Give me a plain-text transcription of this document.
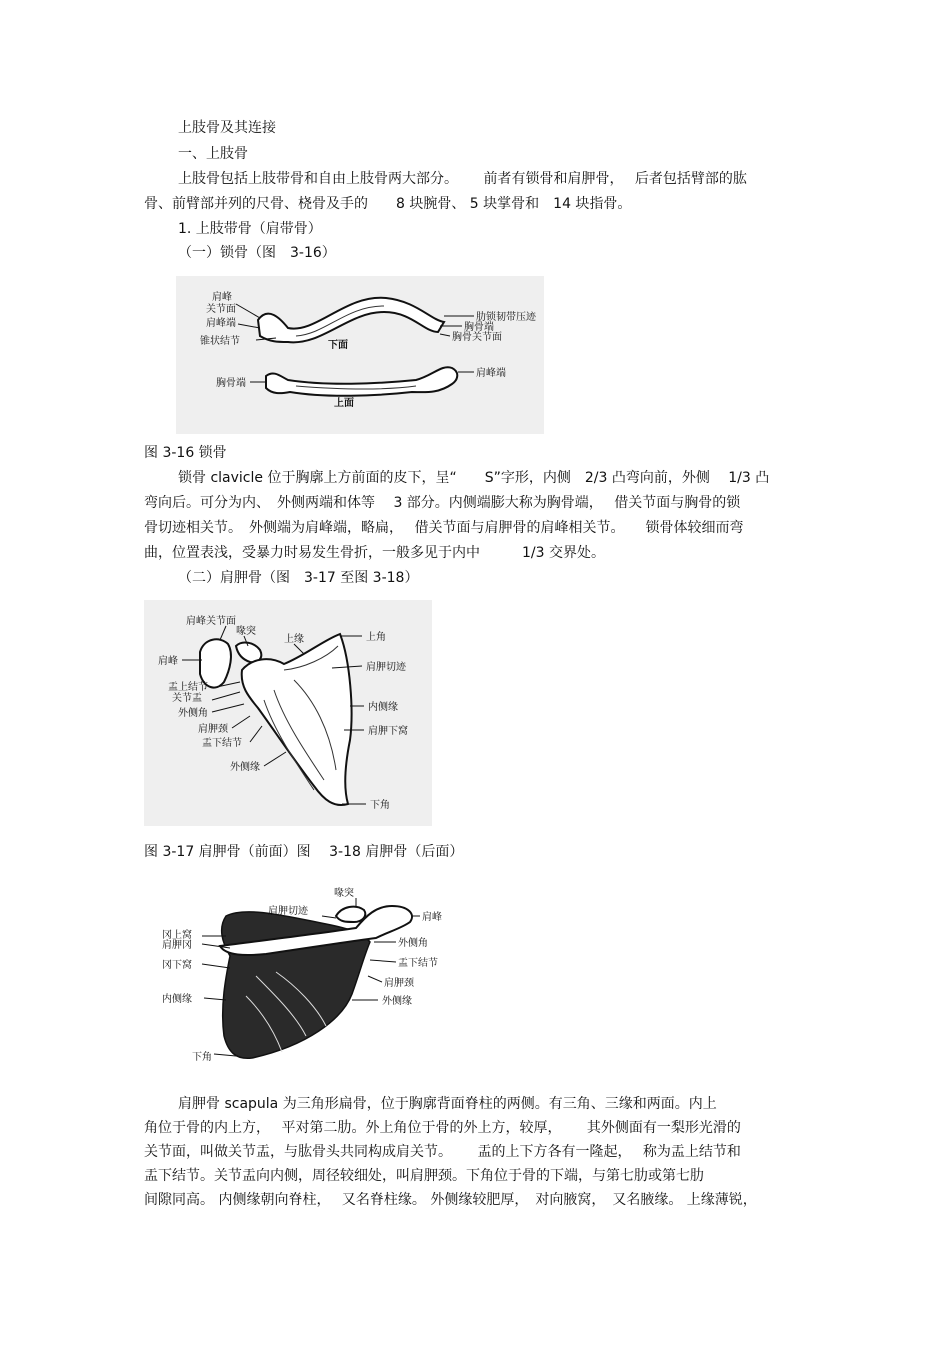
上肢骨及其连接
一、上肢骨
上肢骨包括上肢带骨和自由上肢骨两大部分。　　 前者有锁骨和肩胛骨，　 后者包括臂部的肱
骨、前臂部并列的尺骨、桡骨及手的　　8 块腕骨、 5 块掌骨和　14 块指骨。
1. 上肢带骨（肩带骨）
（一）锁骨（图　3-16）
肩峰
关节面
肩峰端
锥状结节
肋锁韧带压迹
胸骨端
胸骨关节面
下面
胸骨端
肩峰端
上面
图 3-16 锁骨
锁骨 clavicle 位于胸廓上方前面的皮下，呈“　　S”字形，内侧　2/3 凸弯向前，外侧　 1/3 凸
弯向后。可分为内、　外侧两端和体等　 3 部分。内侧端膨大称为胸骨端，　 借关节面与胸骨的锁
骨切迹相关节。　外侧端为肩峰端，略扁，　 借关节面与肩胛骨的肩峰相关节。　　锁骨体较细而弯
曲，位置表浅，受暴力时易发生骨折，一般多见于内中　　　1/3 交界处。
（二）肩胛骨（图　3-17 至图 3-18）
肩峰关节面
喙突
上缘	上角
肩峰
肩胛切迹
盂上结节
关节盂
外侧角
内侧缘
肩胛颈	肩胛下窝
盂下结节
外侧缘
下角
图 3-17 肩胛骨（前面）图　 3-18 肩胛骨（后面）
喙突
肩胛切迹
肩峰
冈上窝
肩胛冈	外侧角
冈下窝	盂下结节
肩胛颈
内侧缘	外侧缘
下角
肩胛骨 scapula 为三角形扁骨，位于胸廓背面脊柱的两侧。有三角、三缘和两面。内上
角位于骨的内上方，　 平对第二肋。外上角位于骨的外上方，较厚，　　 其外侧面有一梨形光滑的
关节面，叫做关节盂，与肱骨头共同构成肩关节。　　 盂的上下方各有一隆起，　 称为盂上结节和
盂下结节。关节盂向内侧，周径较细处，叫肩胛颈。下角位于骨的下端，与第七肋或第七肋
间隙同高。 内侧缘朝向脊柱，　 又名脊柱缘。 外侧缘较肥厚，　对向腋窝，　又名腋缘。 上缘薄锐，
